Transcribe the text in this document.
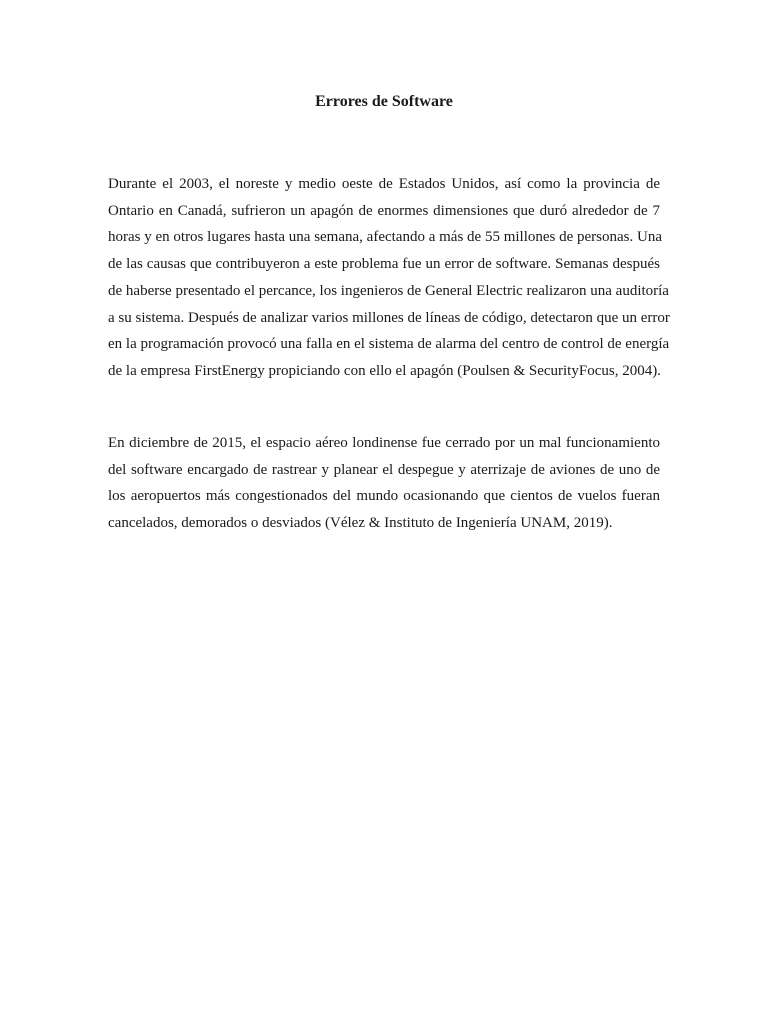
Errores de Software
Durante el 2003, el noreste y medio oeste de Estados Unidos, así como la provincia de
Ontario en Canadá, sufrieron un apagón de enormes dimensiones que duró alrededor de 7
horas y en otros lugares hasta una semana, afectando a más de 55 millones de personas. Una
de las causas que contribuyeron a este problema fue un error de software. Semanas después
de haberse presentado el percance, los ingenieros de General Electric realizaron una auditoría
a su sistema. Después de analizar varios millones de líneas de código, detectaron que un error
en la programación provocó una falla en el sistema de alarma del centro de control de energía
de la empresa FirstEnergy propiciando con ello el apagón (Poulsen & SecurityFocus, 2004).
En diciembre de 2015, el espacio aéreo londinense fue cerrado por un mal funcionamiento
del software encargado de rastrear y planear el despegue y aterrizaje de aviones de uno de
los aeropuertos más congestionados del mundo ocasionando que cientos de vuelos fueran
cancelados, demorados o desviados (Vélez & Instituto de Ingeniería UNAM, 2019).
